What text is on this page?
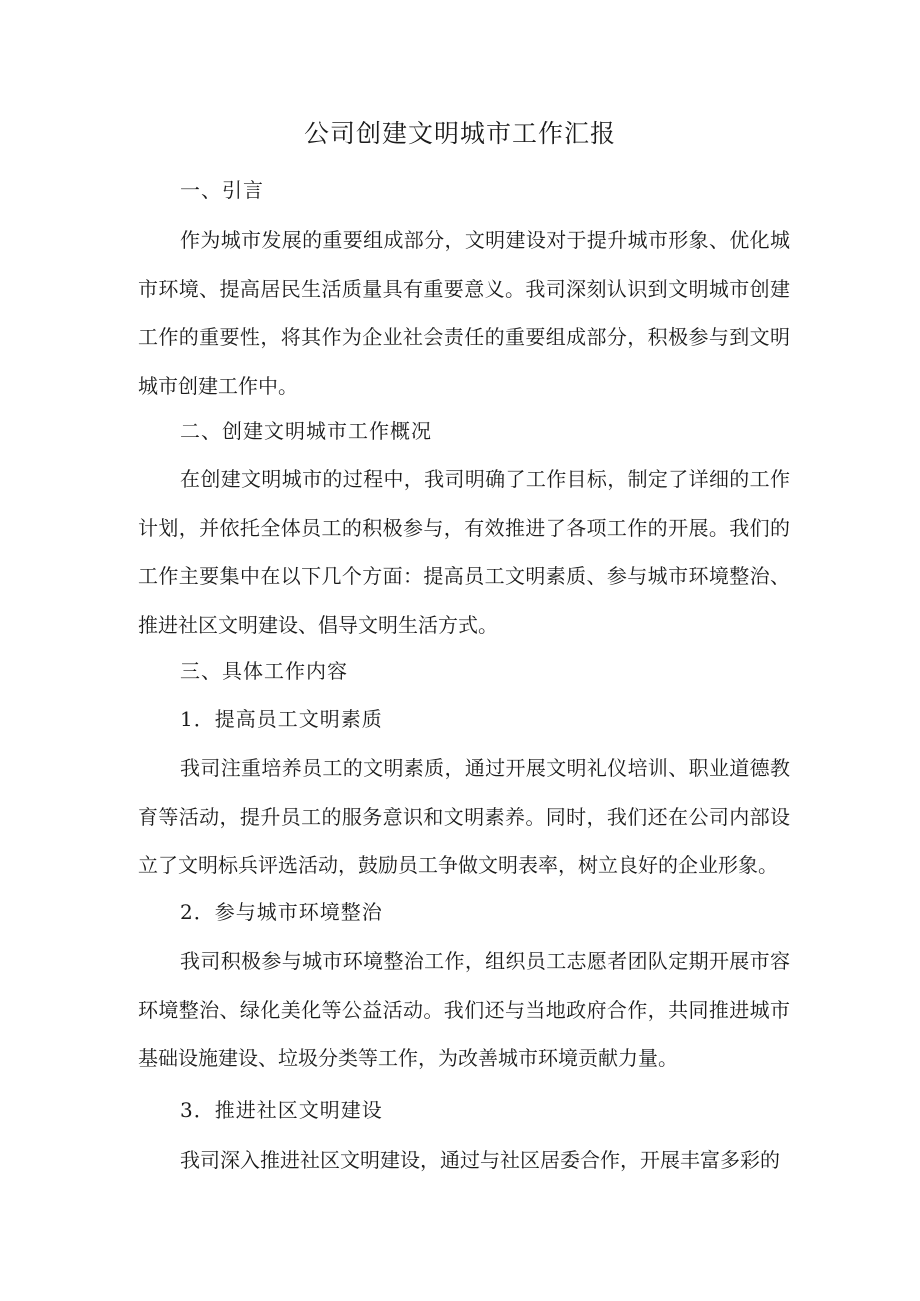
公司创建文明城市工作汇报
一、引言
作为城市发展的重要组成部分，文明建设对于提升城市形象、优化城市环境、提高居民生活质量具有重要意义。我司深刻认识到文明城市创建工作的重要性，将其作为企业社会责任的重要组成部分，积极参与到文明城市创建工作中。
二、创建文明城市工作概况
在创建文明城市的过程中，我司明确了工作目标，制定了详细的工作计划，并依托全体员工的积极参与，有效推进了各项工作的开展。我们的工作主要集中在以下几个方面：提高员工文明素质、参与城市环境整治、推进社区文明建设、倡导文明生活方式。
三、具体工作内容
1．提高员工文明素质
我司注重培养员工的文明素质，通过开展文明礼仪培训、职业道德教育等活动，提升员工的服务意识和文明素养。同时，我们还在公司内部设立了文明标兵评选活动，鼓励员工争做文明表率，树立良好的企业形象。
2．参与城市环境整治
我司积极参与城市环境整治工作，组织员工志愿者团队定期开展市容环境整治、绿化美化等公益活动。我们还与当地政府合作，共同推进城市基础设施建设、垃圾分类等工作，为改善城市环境贡献力量。
3．推进社区文明建设
我司深入推进社区文明建设，通过与社区居委合作，开展丰富多彩的
